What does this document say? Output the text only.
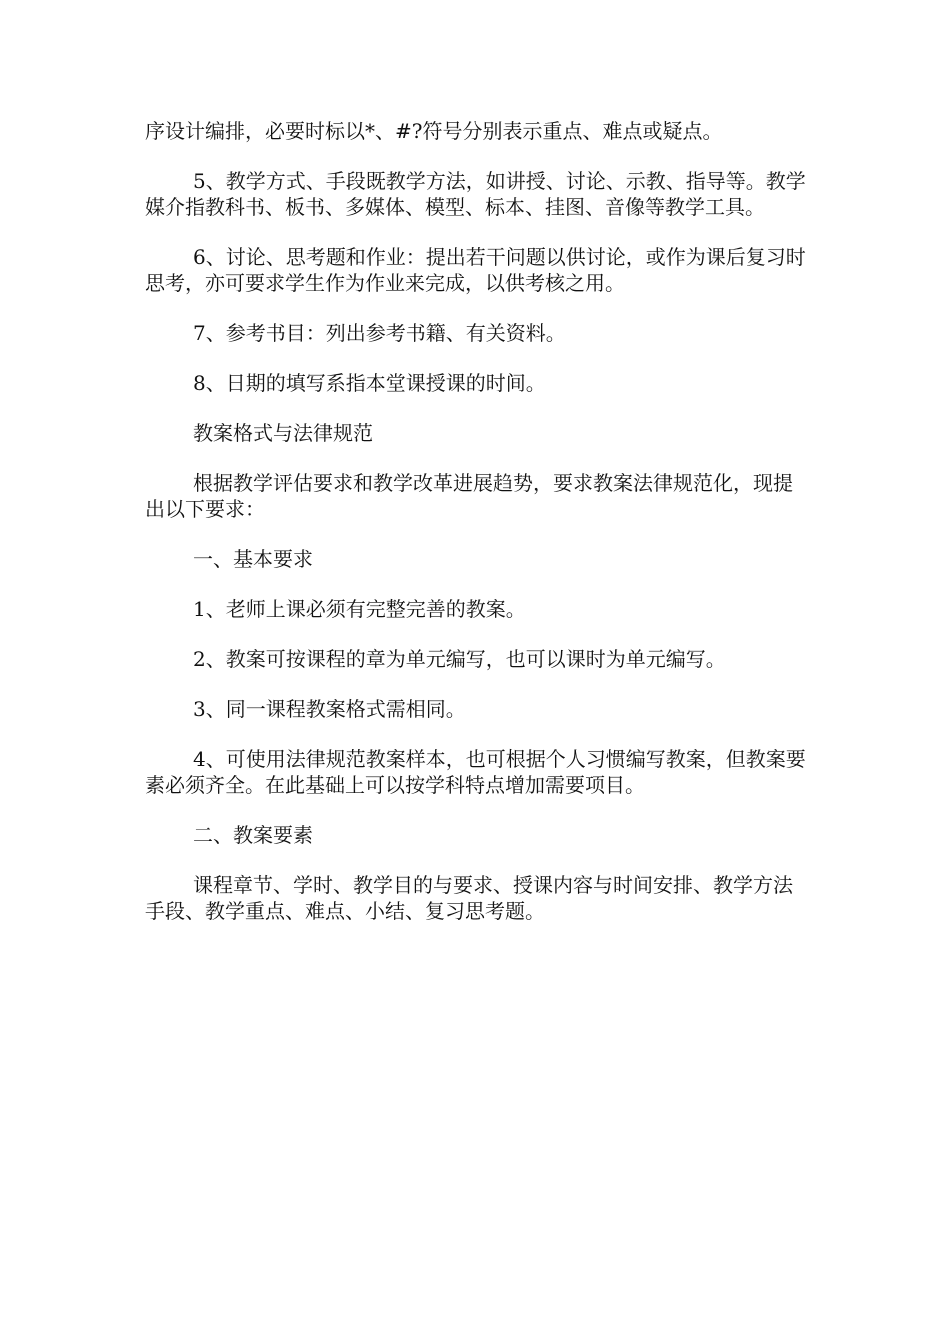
序设计编排，必要时标以*、#?符号分别表示重点、难点或疑点。

5、教学方式、手段既教学方法，如讲授、讨论、示教、指导等。教学媒介指教科书、板书、多媒体、模型、标本、挂图、音像等教学工具。

6、讨论、思考题和作业：提出若干问题以供讨论，或作为课后复习时思考，亦可要求学生作为作业来完成，以供考核之用。

7、参考书目：列出参考书籍、有关资料。

8、日期的填写系指本堂课授课的时间。

教案格式与法律规范

根据教学评估要求和教学改革进展趋势，要求教案法律规范化，现提出以下要求：

一、基本要求

1、老师上课必须有完整完善的教案。

2、教案可按课程的章为单元编写，也可以课时为单元编写。

3、同一课程教案格式需相同。

4、可使用法律规范教案样本，也可根据个人习惯编写教案，但教案要素必须齐全。在此基础上可以按学科特点增加需要项目。

二、教案要素

课程章节、学时、教学目的与要求、授课内容与时间安排、教学方法手段、教学重点、难点、小结、复习思考题。
